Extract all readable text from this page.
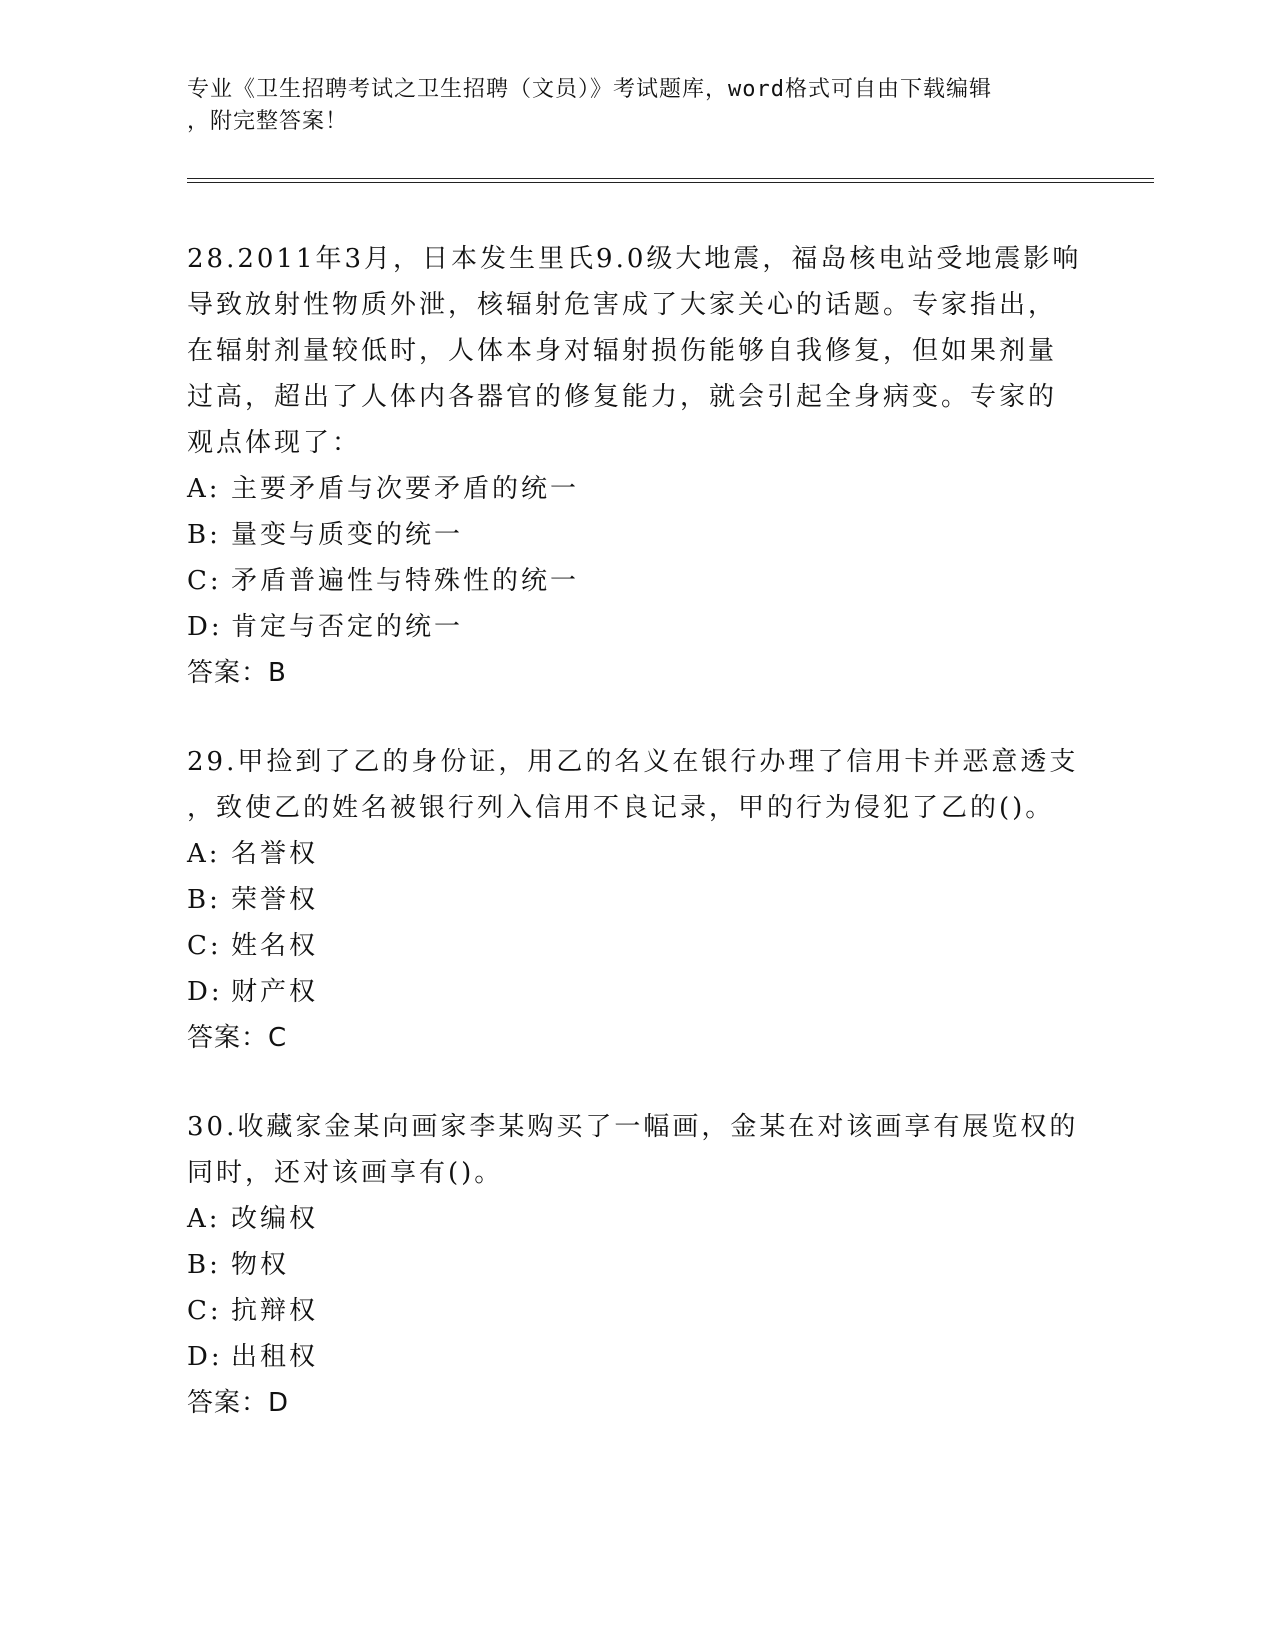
专业《卫生招聘考试之卫生招聘（文员）》考试题库，word格式可自由下载编辑
，附完整答案！
28.2011年3月，日本发生里氏9.0级大地震，福岛核电站受地震影响
导致放射性物质外泄，核辐射危害成了大家关心的话题。专家指出，
在辐射剂量较低时，人体本身对辐射损伤能够自我修复，但如果剂量
过高，超出了人体内各器官的修复能力，就会引起全身病变。专家的
观点体现了：
A: 主要矛盾与次要矛盾的统一
B: 量变与质变的统一
C: 矛盾普遍性与特殊性的统一
D: 肯定与否定的统一
答案：B
29.甲捡到了乙的身份证，用乙的名义在银行办理了信用卡并恶意透支
，致使乙的姓名被银行列入信用不良记录，甲的行为侵犯了乙的()。
A: 名誉权
B: 荣誉权
C: 姓名权
D: 财产权
答案：C
30.收藏家金某向画家李某购买了一幅画，金某在对该画享有展览权的
同时，还对该画享有()。
A: 改编权
B: 物权
C: 抗辩权
D: 出租权
答案：D
